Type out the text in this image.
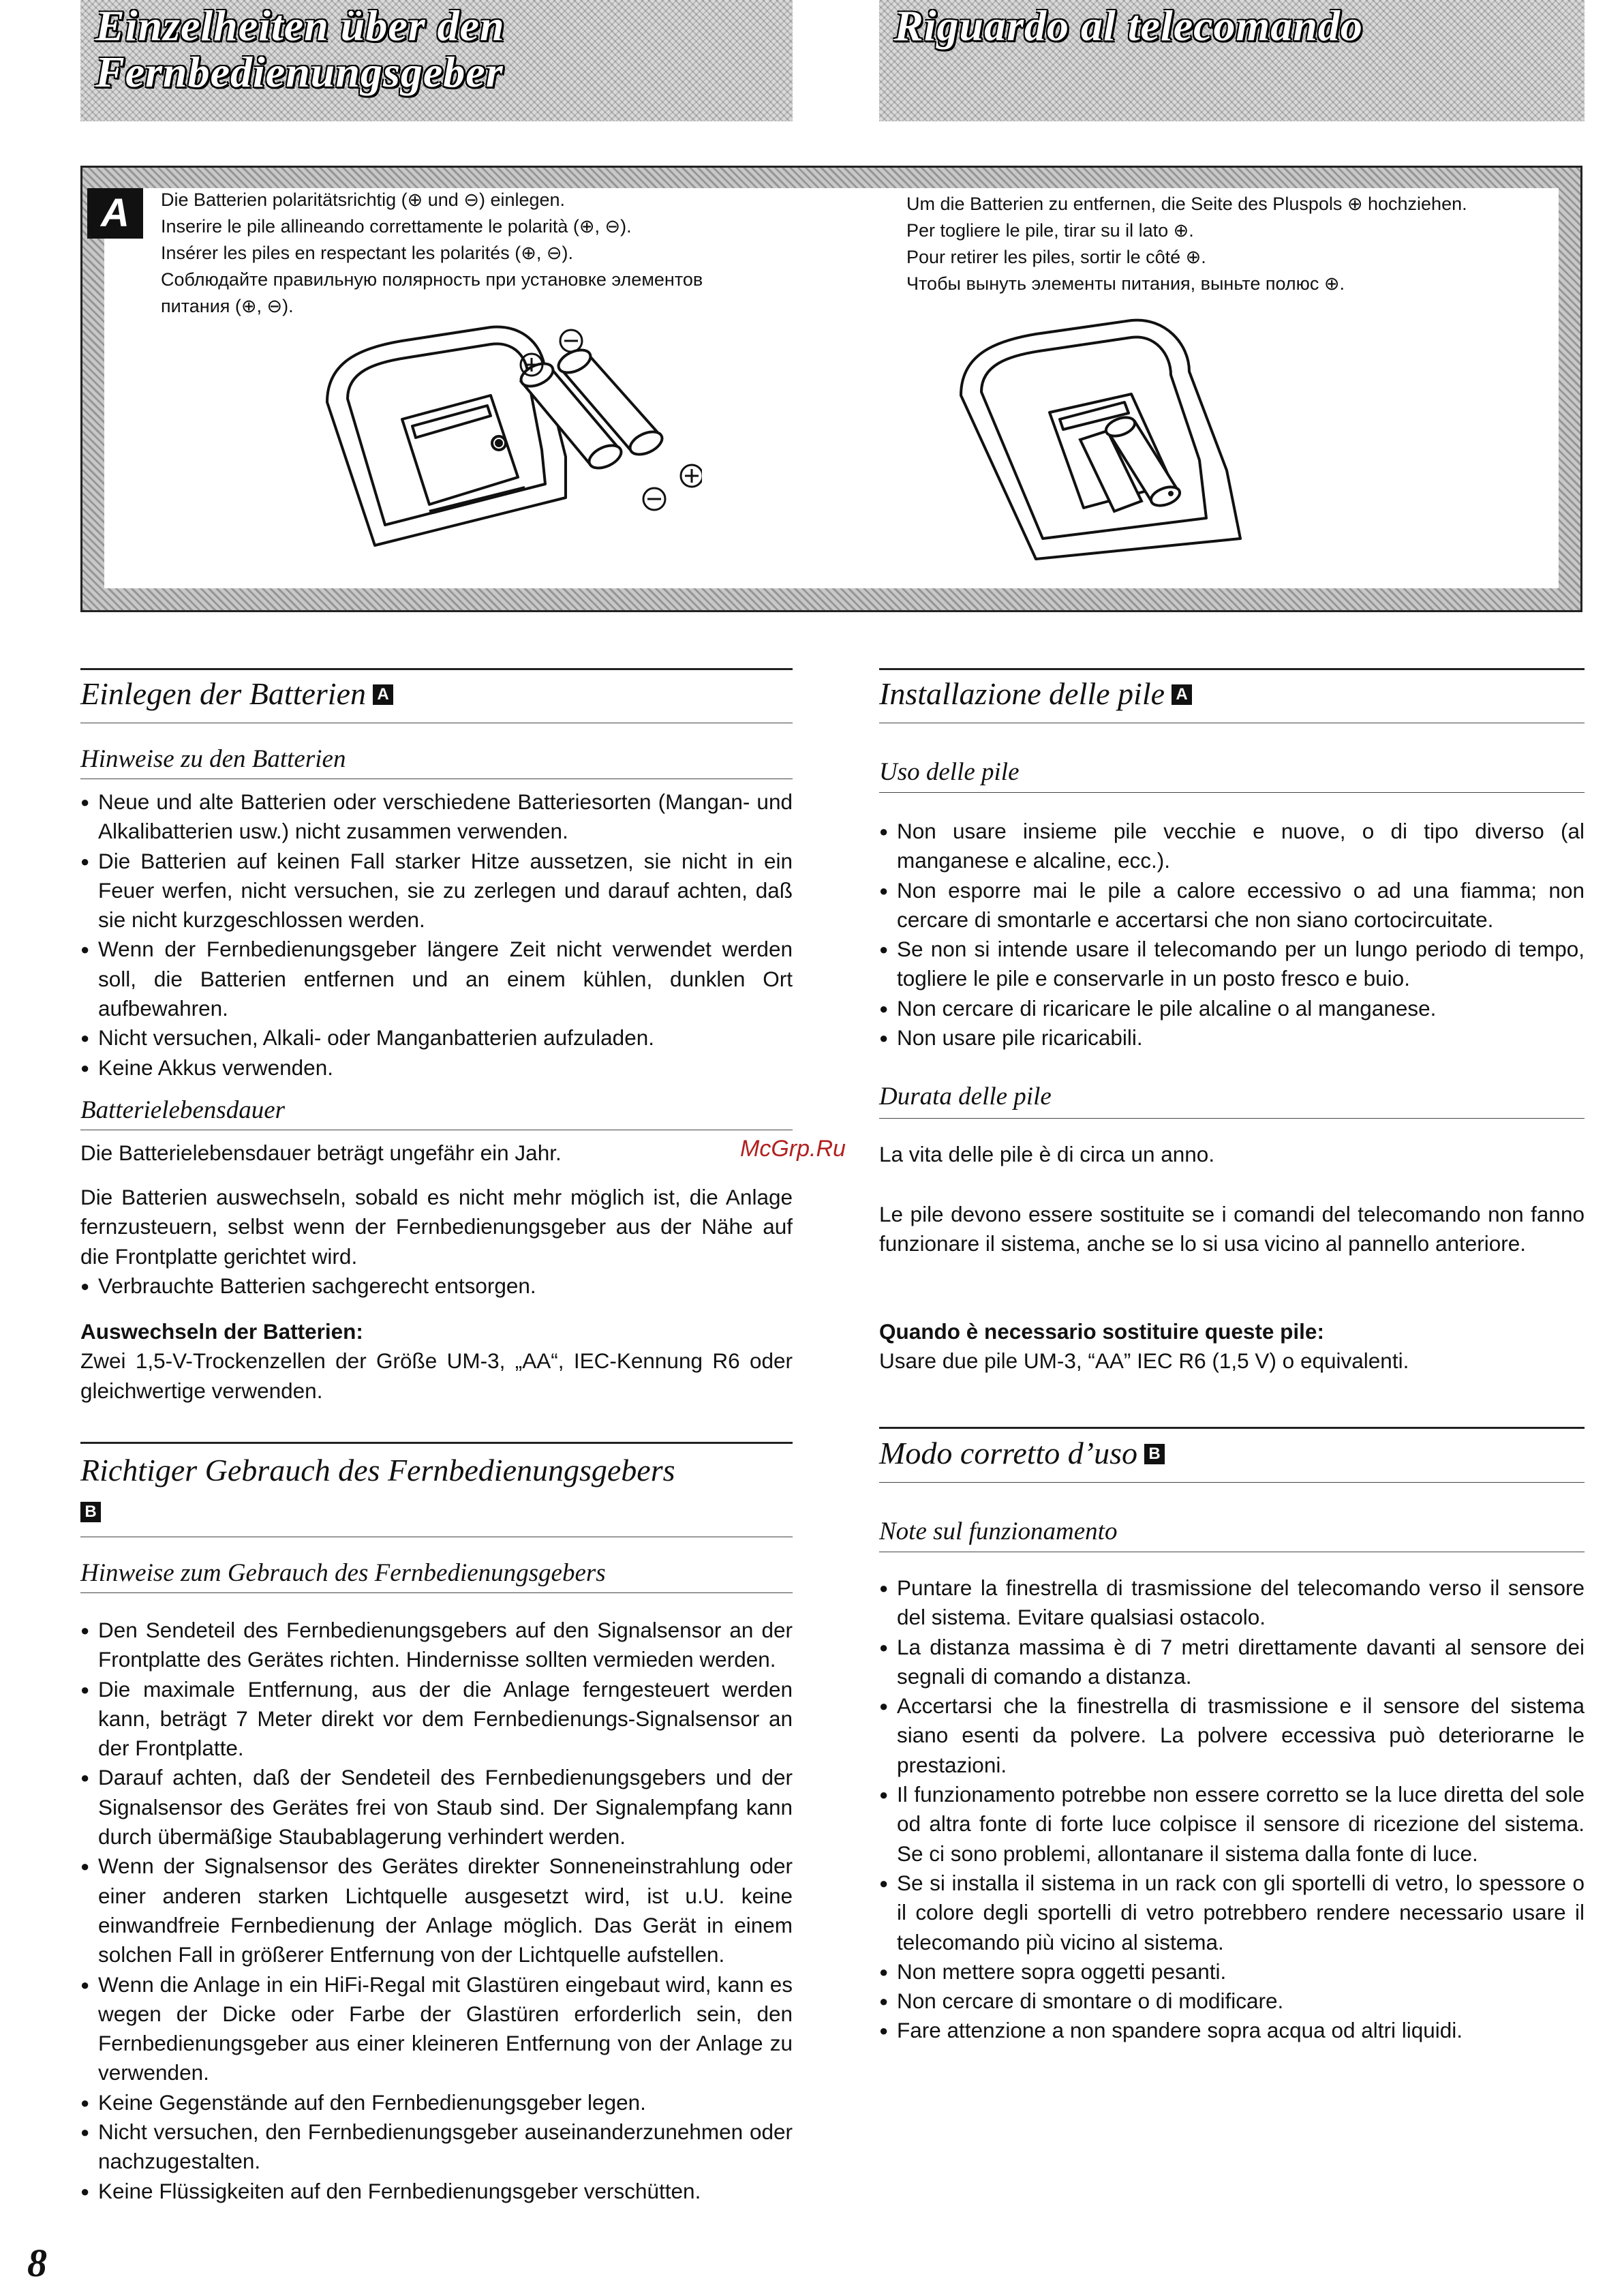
Einzelheiten über den
Fernbedienungsgeber
Riguardo al telecomando
A	Die Batterien polaritätsrichtig (⊕ und ⊖) einlegen.
Inserire le pile allineando correttamente le polarità (⊕, ⊖).
Insérer les piles en respectant les polarités (⊕, ⊖).
Соблюдайте правильную полярность при установке элементов
питания (⊕, ⊖).
Um die Batterien zu entfernen, die Seite des Pluspols ⊕ hochziehen.
Per togliere le pile, tirar su il lato ⊕.
Pour retirer les piles, sortir le côté ⊕.
Чтобы вынуть элементы питания, выньте полюс ⊕.
Einlegen der Batterien A
Hinweise zu den Batterien
● Neue und alte Batterien oder verschiedene Batteriesorten (Mangan- und Alkalibatterien usw.) nicht zusammen verwenden.
● Die Batterien auf keinen Fall starker Hitze aussetzen, sie nicht in ein Feuer werfen, nicht versuchen, sie zu zerlegen und darauf achten, daß sie nicht kurzgeschlossen werden.
● Wenn der Fernbedienungsgeber längere Zeit nicht verwendet werden soll, die Batterien entfernen und an einem kühlen, dunklen Ort aufbewahren.
● Nicht versuchen, Alkali- oder Manganbatterien aufzuladen.
● Keine Akkus verwenden.
Batterielebensdauer

Die Batterielebensdauer beträgt ungefähr ein Jahr.

Die Batterien auswechseln, sobald es nicht mehr möglich ist, die Anlage fernzusteuern, selbst wenn der Fernbedienungsgeber aus der Nähe auf die Frontplatte gerichtet wird.

● Verbrauchte Batterien sachgerecht entsorgen.

Auswechseln der Batterien:

Zwei 1,5-V-Trockenzellen der Größe UM-3, „AA“, IEC-Kennung R6 oder gleichwertige verwenden.

Richtiger Gebrauch des Fernbedienungsgebers
B
Hinweise zum Gebrauch des Fernbedienungsgebers
● Den Sendeteil des Fernbedienungsgebers auf den Signalsensor an der Frontplatte des Gerätes richten. Hindernisse sollten vermieden werden.
● Die maximale Entfernung, aus der die Anlage ferngesteuert werden kann, beträgt 7 Meter direkt vor dem Fernbedienungs-Signalsensor an der Frontplatte.
● Darauf achten, daß der Sendeteil des Fernbedienungsgebers und der Signalsensor des Gerätes frei von Staub sind. Der Signalempfang kann durch übermäßige Staubablagerung verhindert werden.
● Wenn der Signalsensor des Gerätes direkter Sonneneinstrahlung oder einer anderen starken Lichtquelle ausgesetzt wird, ist u.U. keine einwandfreie Fernbedienung der Anlage möglich. Das Gerät in einem solchen Fall in größerer Entfernung von der Lichtquelle aufstellen.
● Wenn die Anlage in ein HiFi-Regal mit Glastüren eingebaut wird, kann es wegen der Dicke oder Farbe der Glastüren erforderlich sein, den Fernbedienungsgeber aus einer kleineren Entfernung von der Anlage zu verwenden.
● Keine Gegenstände auf den Fernbedienungsgeber legen.
● Nicht versuchen, den Fernbedienungsgeber auseinanderzunehmen oder nachzugestalten.
● Keine Flüssigkeiten auf den Fernbedienungsgeber verschütten.
Installazione delle pile A
Uso delle pile
● Non usare insieme pile vecchie e nuove, o di tipo diverso (al manganese e alcaline, ecc.).
● Non esporre mai le pile a calore eccessivo o ad una fiamma; non cercare di smontarle e accertarsi che non siano cortocircuitate.
● Se non si intende usare il telecomando per un lungo periodo di tempo, togliere le pile e conservarle in un posto fresco e buio.
● Non cercare di ricaricare le pile alcaline o al manganese.
● Non usare pile ricaricabili.
Durata delle pile

La vita delle pile è di circa un anno.

Le pile devono essere sostituite se i comandi del telecomando non fanno funzionare il sistema, anche se lo si usa vicino al pannello anteriore.

Quando è necessario sostituire queste pile:

Usare due pile UM-3, “AA” IEC R6 (1,5 V) o equivalenti.

Modo corretto d’uso B
Note sul funzionamento
● Puntare la finestrella di trasmissione del telecomando verso il sensore del sistema. Evitare qualsiasi ostacolo.
● La distanza massima è di 7 metri direttamente davanti al sensore dei segnali di comando a distanza.
● Accertarsi che la finestrella di trasmissione e il sensore del sistema siano esenti da polvere. La polvere eccessiva può deteriorarne le prestazioni.
● Il funzionamento potrebbe non essere corretto se la luce diretta del sole od altra fonte di forte luce colpisce il sensore di ricezione del sistema. Se ci sono problemi, allontanare il sistema dalla fonte di luce.
● Se si installa il sistema in un rack con gli sportelli di vetro, lo spessore o il colore degli sportelli di vetro potrebbero rendere necessario usare il telecomando più vicino al sistema.
● Non mettere sopra oggetti pesanti.
● Non cercare di smontare o di modificare.
● Fare attenzione a non spandere sopra acqua od altri liquidi.
McGrp.Ru
8
